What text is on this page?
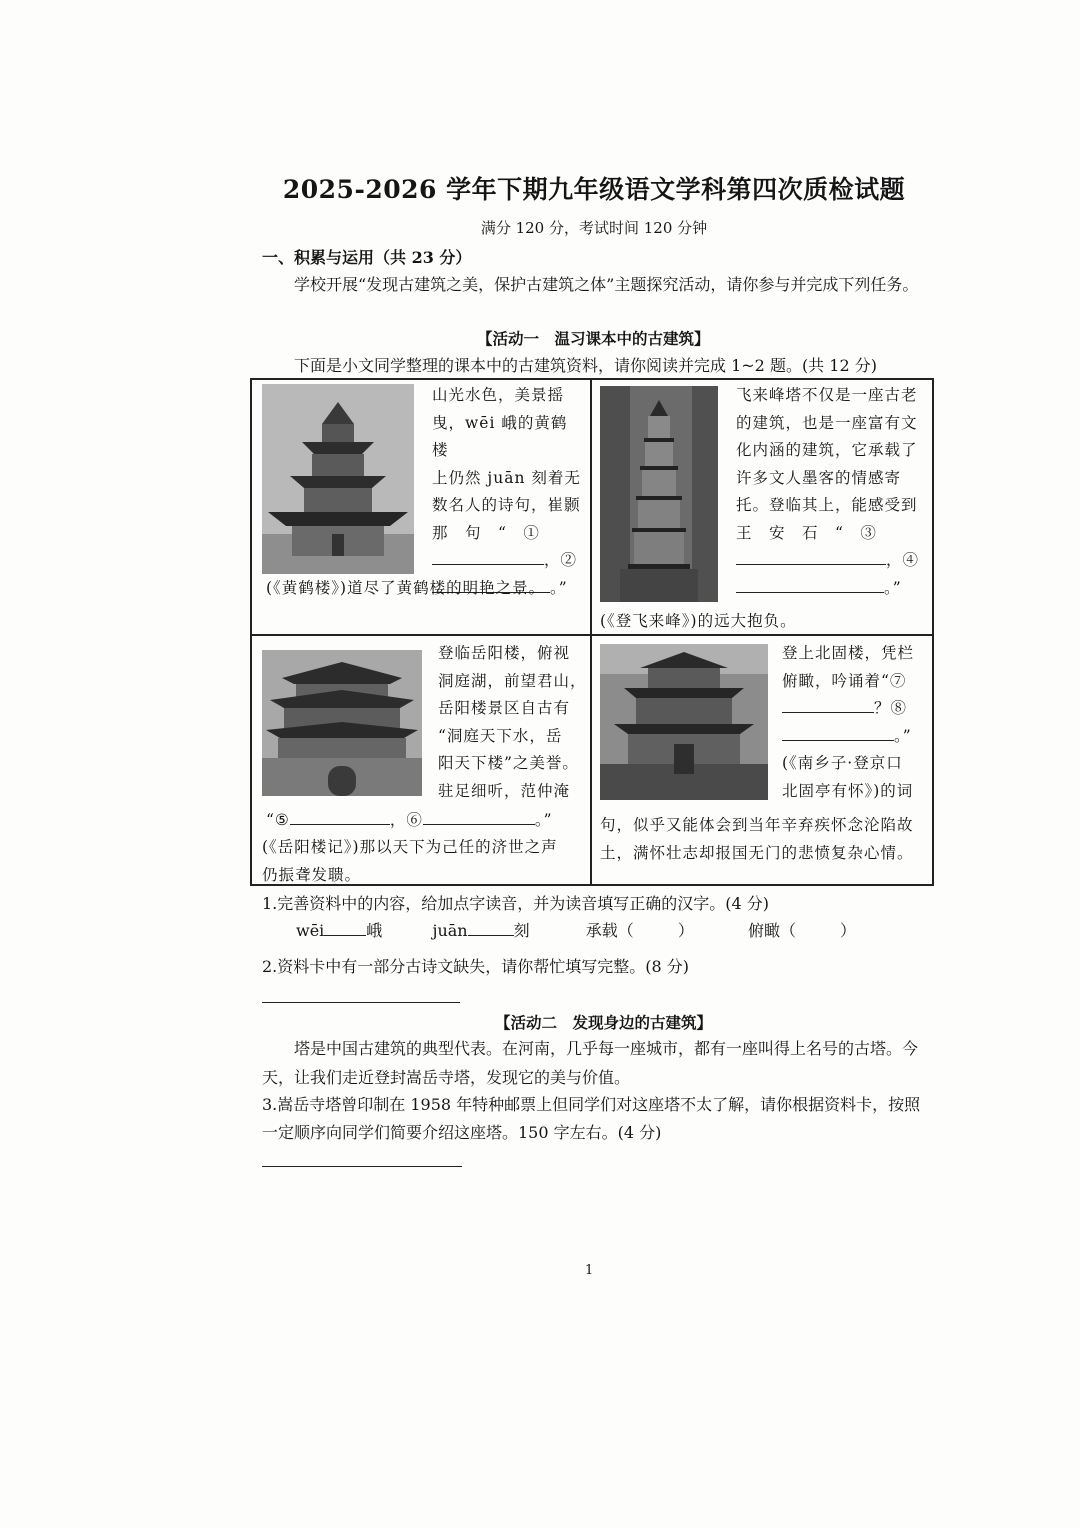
2025-2026 学年下期九年级语文学科第四次质检试题
满分 120 分，考试时间 120 分钟
一、积累与运用（共 23 分）
学校开展“发现古建筑之美，保护古建筑之体”主题探究活动，请你参与并完成下列任务。
【活动一　温习课本中的古建筑】
下面是小文同学整理的课本中的古建筑资料，请你阅读并完成 1~2 题。(共 12 分)
山光水色，美景摇
曳，wēi 峨的黄鹤楼
上仍然 juān 刻着无
数名人的诗句，崔颢
那　句　“　①
，②
。”
(《黄鹤楼》)道尽了黄鹤楼的明艳之景。
飞来峰塔不仅是一座古老
的建筑，也是一座富有文
化内涵的建筑，它承载了
许多文人墨客的情感寄
托。登临其上，能感受到
王　安　石　“　③
，④
。”
(《登飞来峰》)的远大抱负。
登临岳阳楼，俯视
洞庭湖，前望君山，
岳阳楼景区自古有
“洞庭天下水，岳
阳天下楼”之美誉。
驻足细听，范仲淹
“⑤	，⑥	。”
(《岳阳楼记》)那以天下为己任的济世之声
仍振聋发聩。
登上北固楼，凭栏
俯瞰，吟诵着“⑦
？⑧
。”
(《南乡子·登京口
北固亭有怀》)的词
句，似乎又能体会到当年辛弃疾怀念沦陷故
土，满怀壮志却报国无门的悲愤复杂心情。
1.完善资料中的内容，给加点字读音，并为读音填写正确的汉字。(4 分)
wēi	峨	juān	刻	承载（	）	俯瞰（	）
2.资料卡中有一部分古诗文缺失，请你帮忙填写完整。(8 分)
【活动二　发现身边的古建筑】
塔是中国古建筑的典型代表。在河南，几乎每一座城市，都有一座叫得上名号的古塔。今天，让我们走近登封嵩岳寺塔，发现它的美与价值。
3.嵩岳寺塔曾印制在 1958 年特种邮票上但同学们对这座塔不太了解，请你根据资料卡，按照一定顺序向同学们简要介绍这座塔。150 字左右。(4 分)
1
